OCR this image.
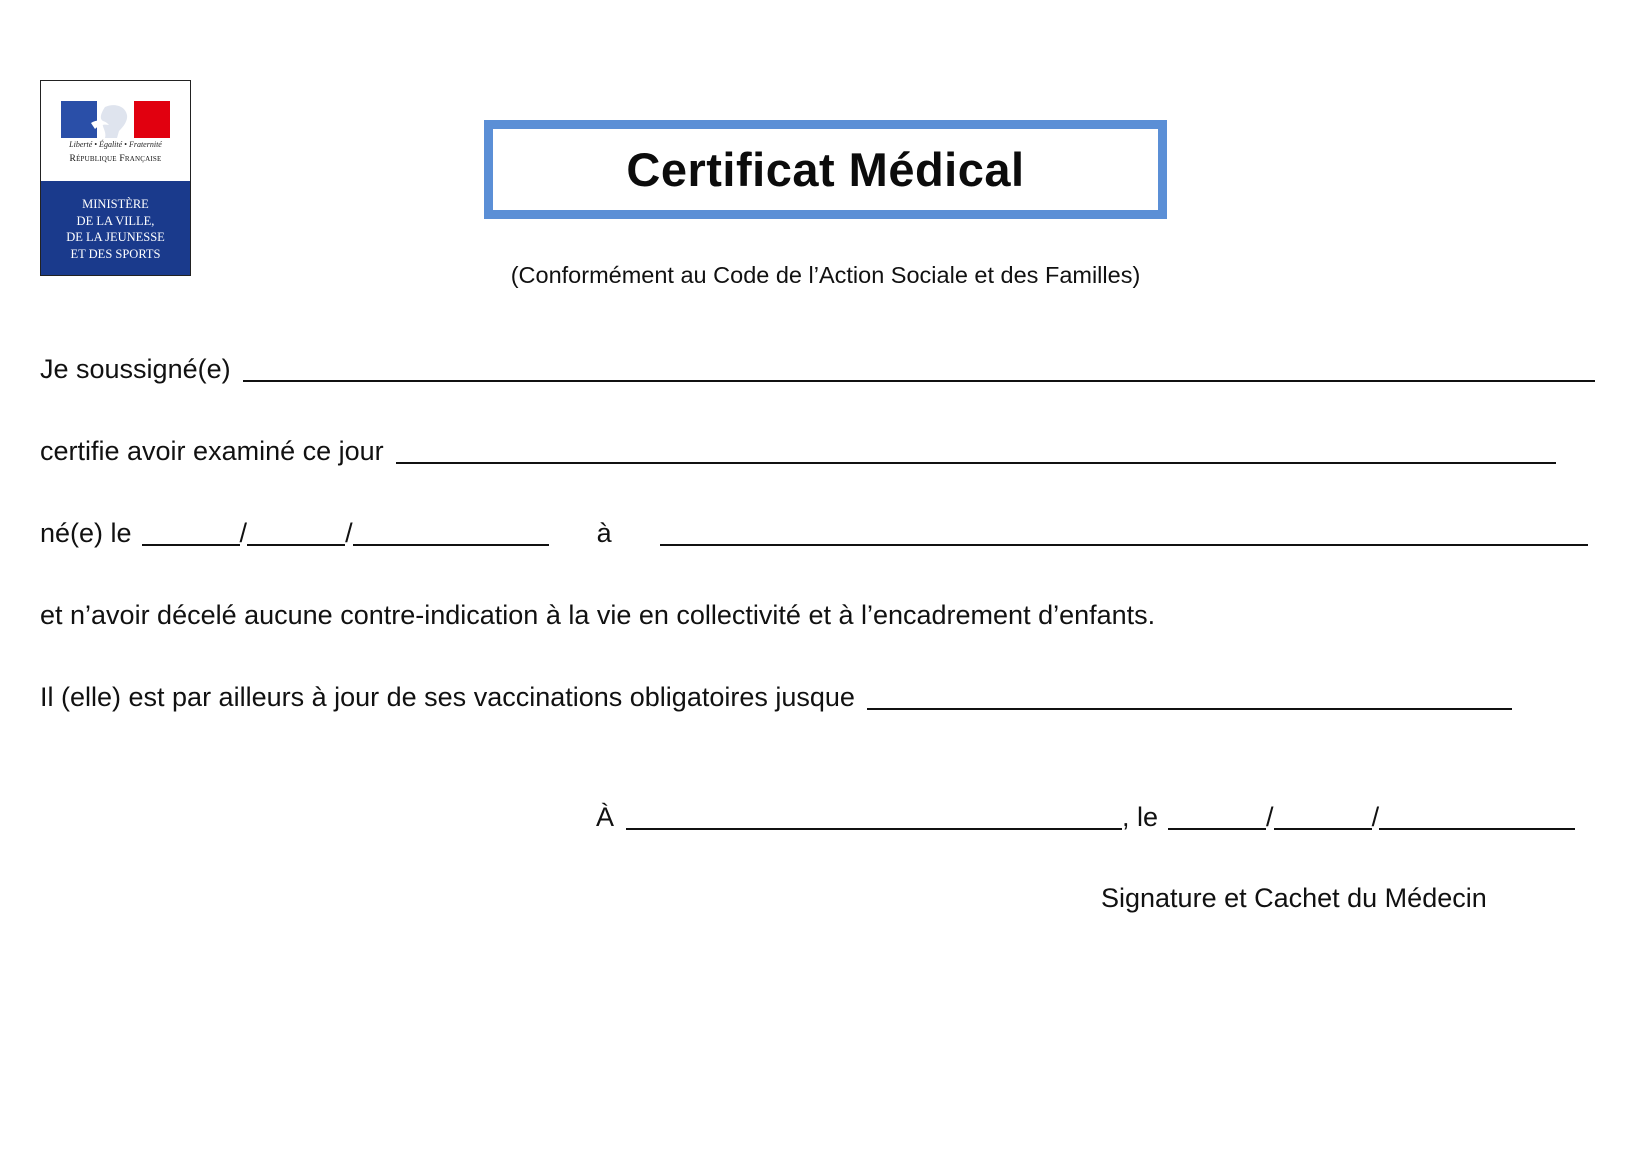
Liberté • Égalité • Fraternité
République Française
MINISTÈRE
DE LA VILLE,
DE LA JEUNESSE
ET DES SPORTS
Certificat Médical
(Conformément au Code de l’Action Sociale et des Familles)
Je soussigné(e)
certifie avoir examiné ce jour
né(e) le	/	/	à
et n’avoir décelé aucune contre-indication à la vie en collectivité et à l’encadrement d’enfants.
Il (elle) est par ailleurs à jour de ses vaccinations obligatoires jusque
À	, le	/	/
Signature et Cachet du Médecin
